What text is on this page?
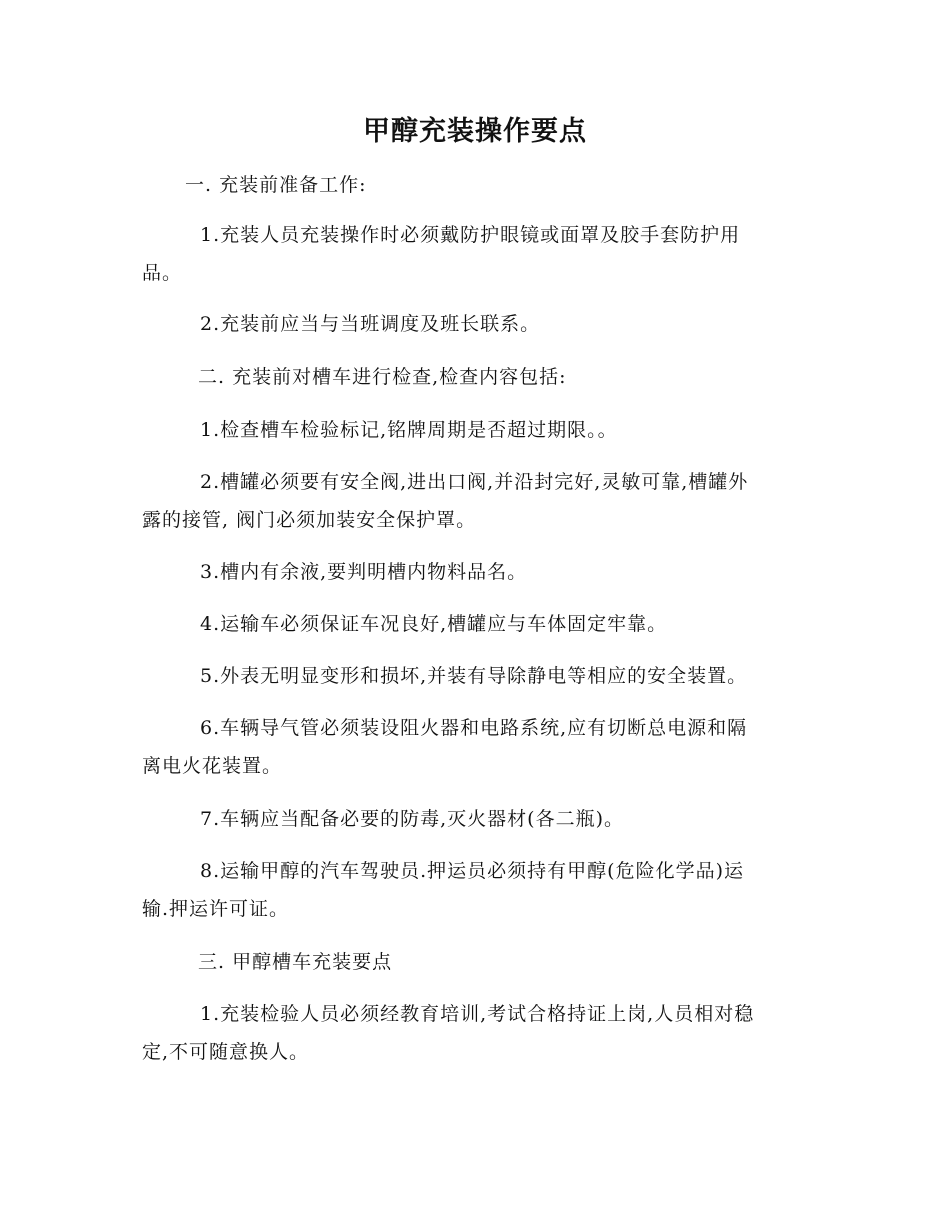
甲醇充装操作要点
一. 充装前准备工作:
1.充装人员充装操作时必须戴防护眼镜或面罩及胶手套防护用
品。
2.充装前应当与当班调度及班长联系。
二. 充装前对槽车进行检查,检查内容包括:
1.检查槽车检验标记,铭牌周期是否超过期限。。
2.槽罐必须要有安全阀,进出口阀,并沿封完好,灵敏可靠,槽罐外
露的接管, 阀门必须加装安全保护罩。
3.槽内有余液,要判明槽内物料品名。
4.运输车必须保证车况良好,槽罐应与车体固定牢靠。
5.外表无明显变形和损坏,并装有导除静电等相应的安全装置。
6.车辆导气管必须装设阻火器和电路系统,应有切断总电源和隔
离电火花装置。
7.车辆应当配备必要的防毒,灭火器材(各二瓶)。
8.运输甲醇的汽车驾驶员.押运员必须持有甲醇(危险化学品)运
输.押运许可证。
三. 甲醇槽车充装要点
1.充装检验人员必须经教育培训,考试合格持证上岗,人员相对稳
定,不可随意换人。
